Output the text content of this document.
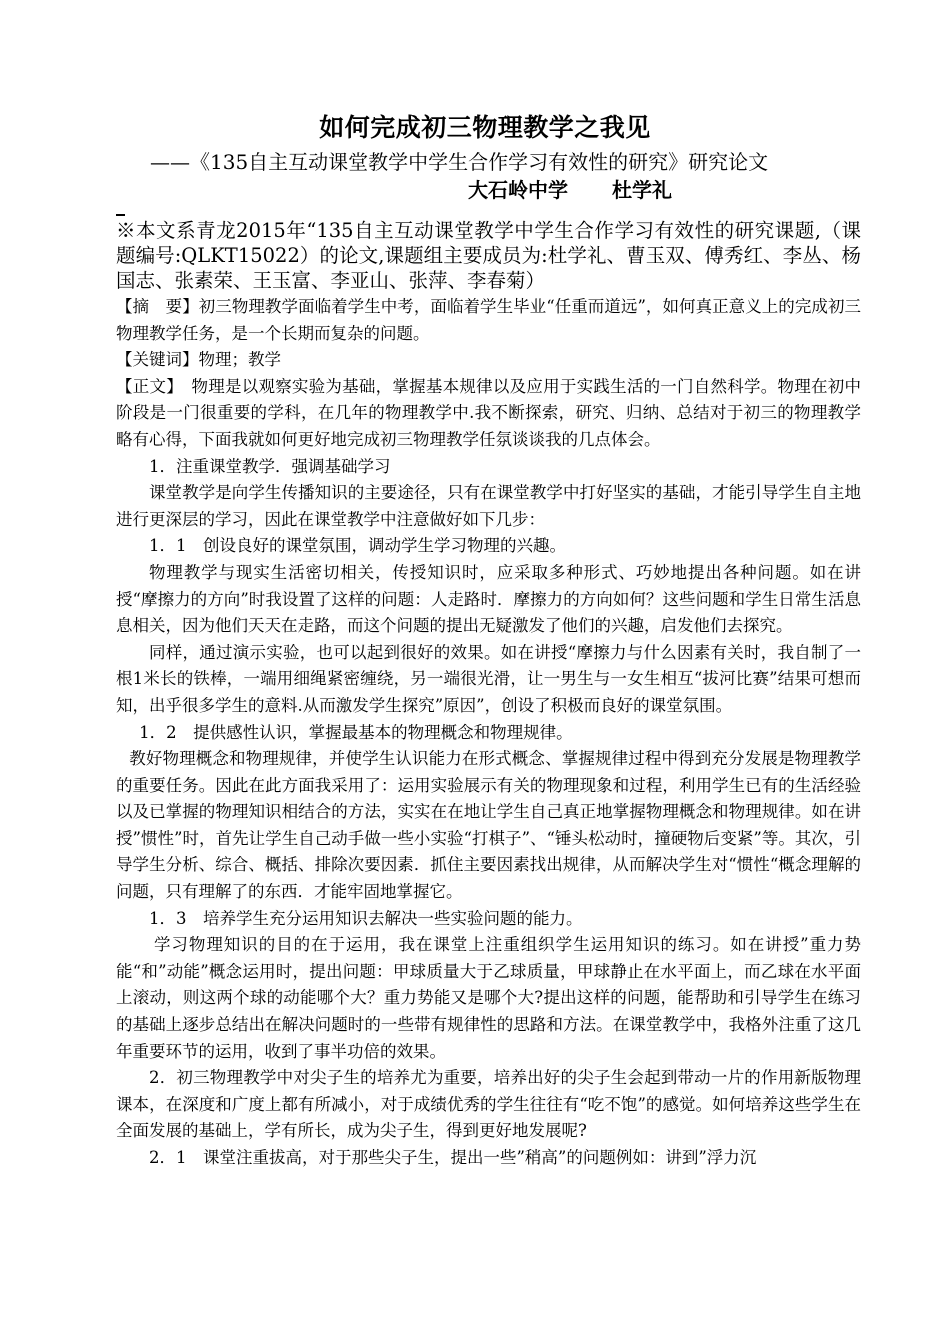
如何完成初三物理教学之我见
——《135自主互动课堂教学中学生合作学习有效性的研究》研究论文
大石岭中学 杜学礼
※本文系青龙2015年“135自主互动课堂教学中学生合作学习有效性的研究课题,（课题编号:QLKT15022）的论文,课题组主要成员为:杜学礼、曹玉双、傅秀红、李丛、杨国志、张素荣、王玉富、李亚山、张萍、李春菊）

【摘　要】初三物理教学面临着学生中考，面临着学生毕业“任重而道远”，如何真正意义上的完成初三物理教学任务，是一个长期而复杂的问题。

【关键词】物理；教学

【正文】　物理是以观察实验为基础，掌握基本规律以及应用于实践生活的一门自然科学。物理在初中阶段是一门很重要的学科，在几年的物理教学中.我不断探索，研究、归纳、总结对于初三的物理教学略有心得，下面我就如何更好地完成初三物理教学任氛谈谈我的几点体会。

1．注重课堂教学．强调基础学习

课堂教学是向学生传播知识的主要途径，只有在课堂教学中打好坚实的基础，才能引导学生自主地进行更深层的学习，因此在课堂教学中注意做好如下几步：

1．1　创设良好的课堂氛围，调动学生学习物理的兴趣。

物理教学与现实生活密切相关，传授知识时，应采取多种形式、巧妙地提出各种问题。如在讲授“摩擦力的方向”时我设置了这样的问题：人走路时．摩擦力的方向如何？这些问题和学生日常生活息息相关，因为他们天天在走路，而这个问题的提出无疑激发了他们的兴趣，启发他们去探究。

同样，通过演示实验，也可以起到很好的效果。如在讲授“摩擦力与什么因素有关时，我自制了一根1米长的铁棒，一端用细绳紧密缠绕，另一端很光滑，让一男生与一女生相互“拔河比赛”结果可想而知，出乎很多学生的意料.从而激发学生探究”原因”，创设了积极而良好的课堂氛围。

1．2　提供感性认识，掌握最基本的物理概念和物理规律。

教好物理概念和物理规律，并使学生认识能力在形式概念、掌握规律过程中得到充分发展是物理教学的重要任务。因此在此方面我采用了：运用实验展示有关的物理现象和过程，利用学生已有的生活经验以及已掌握的物理知识相结合的方法，实实在在地让学生自己真正地掌握物理概念和物理规律。如在讲授”惯性”时，首先让学生自己动手做一些小实验“打棋子”、“锤头松动时，撞硬物后变紧”等。其次，引导学生分析、综合、概括、排除次要因素．抓住主要因素找出规律，从而解决学生对“惯性“概念理解的问题，只有理解了的东西．才能牢固地掌握它。

1．3　培养学生充分运用知识去解决一些实验问题的能力。

学习物理知识的目的在于运用，我在课堂上注重组织学生运用知识的练习。如在讲授”重力势能“和”动能”概念运用时，提出问题：甲球质量大于乙球质量，甲球静止在水平面上，而乙球在水平面上滚动，则这两个球的动能哪个大？重力势能又是哪个大?提出这样的问题，能帮助和引导学生在练习的基础上逐步总结出在解决问题时的一些带有规律性的思路和方法。在课堂教学中，我格外注重了这几年重要环节的运用，收到了事半功倍的效果。

2．初三物理教学中对尖子生的培养尤为重要，培养出好的尖子生会起到带动一片的作用新版物理课本，在深度和广度上都有所减小，对于成绩优秀的学生往往有“吃不饱”的感觉。如何培养这些学生在全面发展的基础上，学有所长，成为尖子生，得到更好地发展呢?

2．1　课堂注重拔高，对于那些尖子生，提出一些”稍高”的问题例如：讲到”浮力沉
